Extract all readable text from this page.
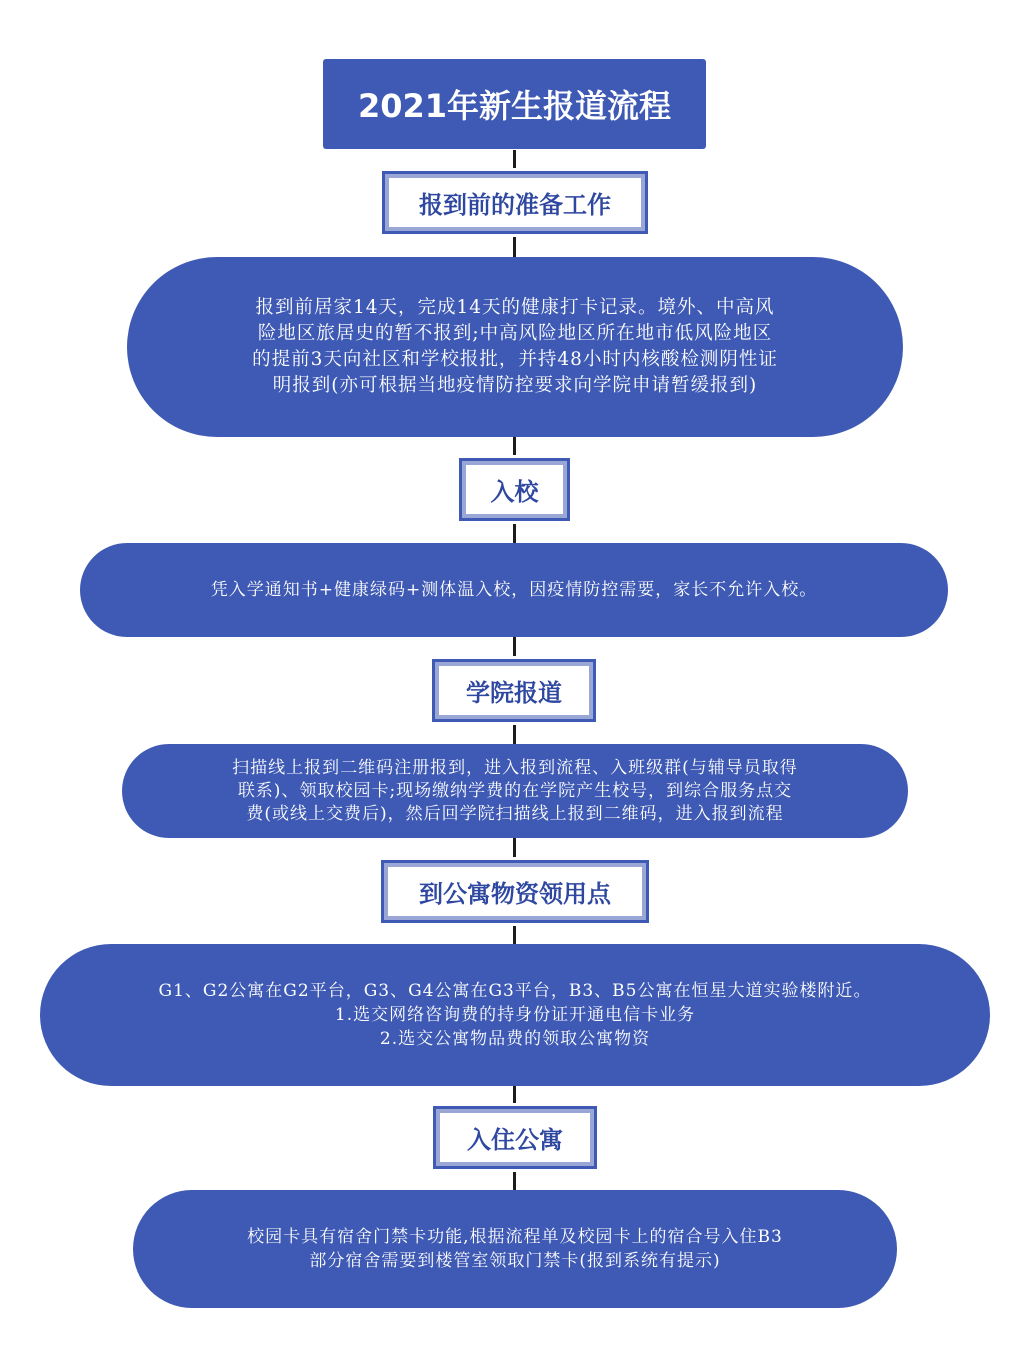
2021年新生报道流程
报到前的准备工作
报到前居家14天，完成14天的健康打卡记录。境外、中高风
险地区旅居史的暂不报到;中高风险地区所在地市低风险地区
的提前3天向社区和学校报批，并持48小时内核酸检测阴性证
明报到(亦可根据当地疫情防控要求向学院申请暂缓报到)
入校
凭入学通知书+健康绿码+测体温入校，因疫情防控需要，家长不允许入校。
学院报道
扫描线上报到二维码注册报到，进入报到流程、入班级群(与辅导员取得
联系)、领取校园卡;现场缴纳学费的在学院产生校号，到综合服务点交
费(或线上交费后)，然后回学院扫描线上报到二维码，进入报到流程
到公寓物资领用点
G1、G2公寓在G2平台，G3、G4公寓在G3平台，B3、B5公寓在恒星大道实验楼附近。
1.选交网络咨询费的持身份证开通电信卡业务
2.选交公寓物品费的领取公寓物资
入住公寓
校园卡具有宿舍门禁卡功能,根据流程单及校园卡上的宿合号入住B3
部分宿舍需要到楼管室领取门禁卡(报到系统有提示)
